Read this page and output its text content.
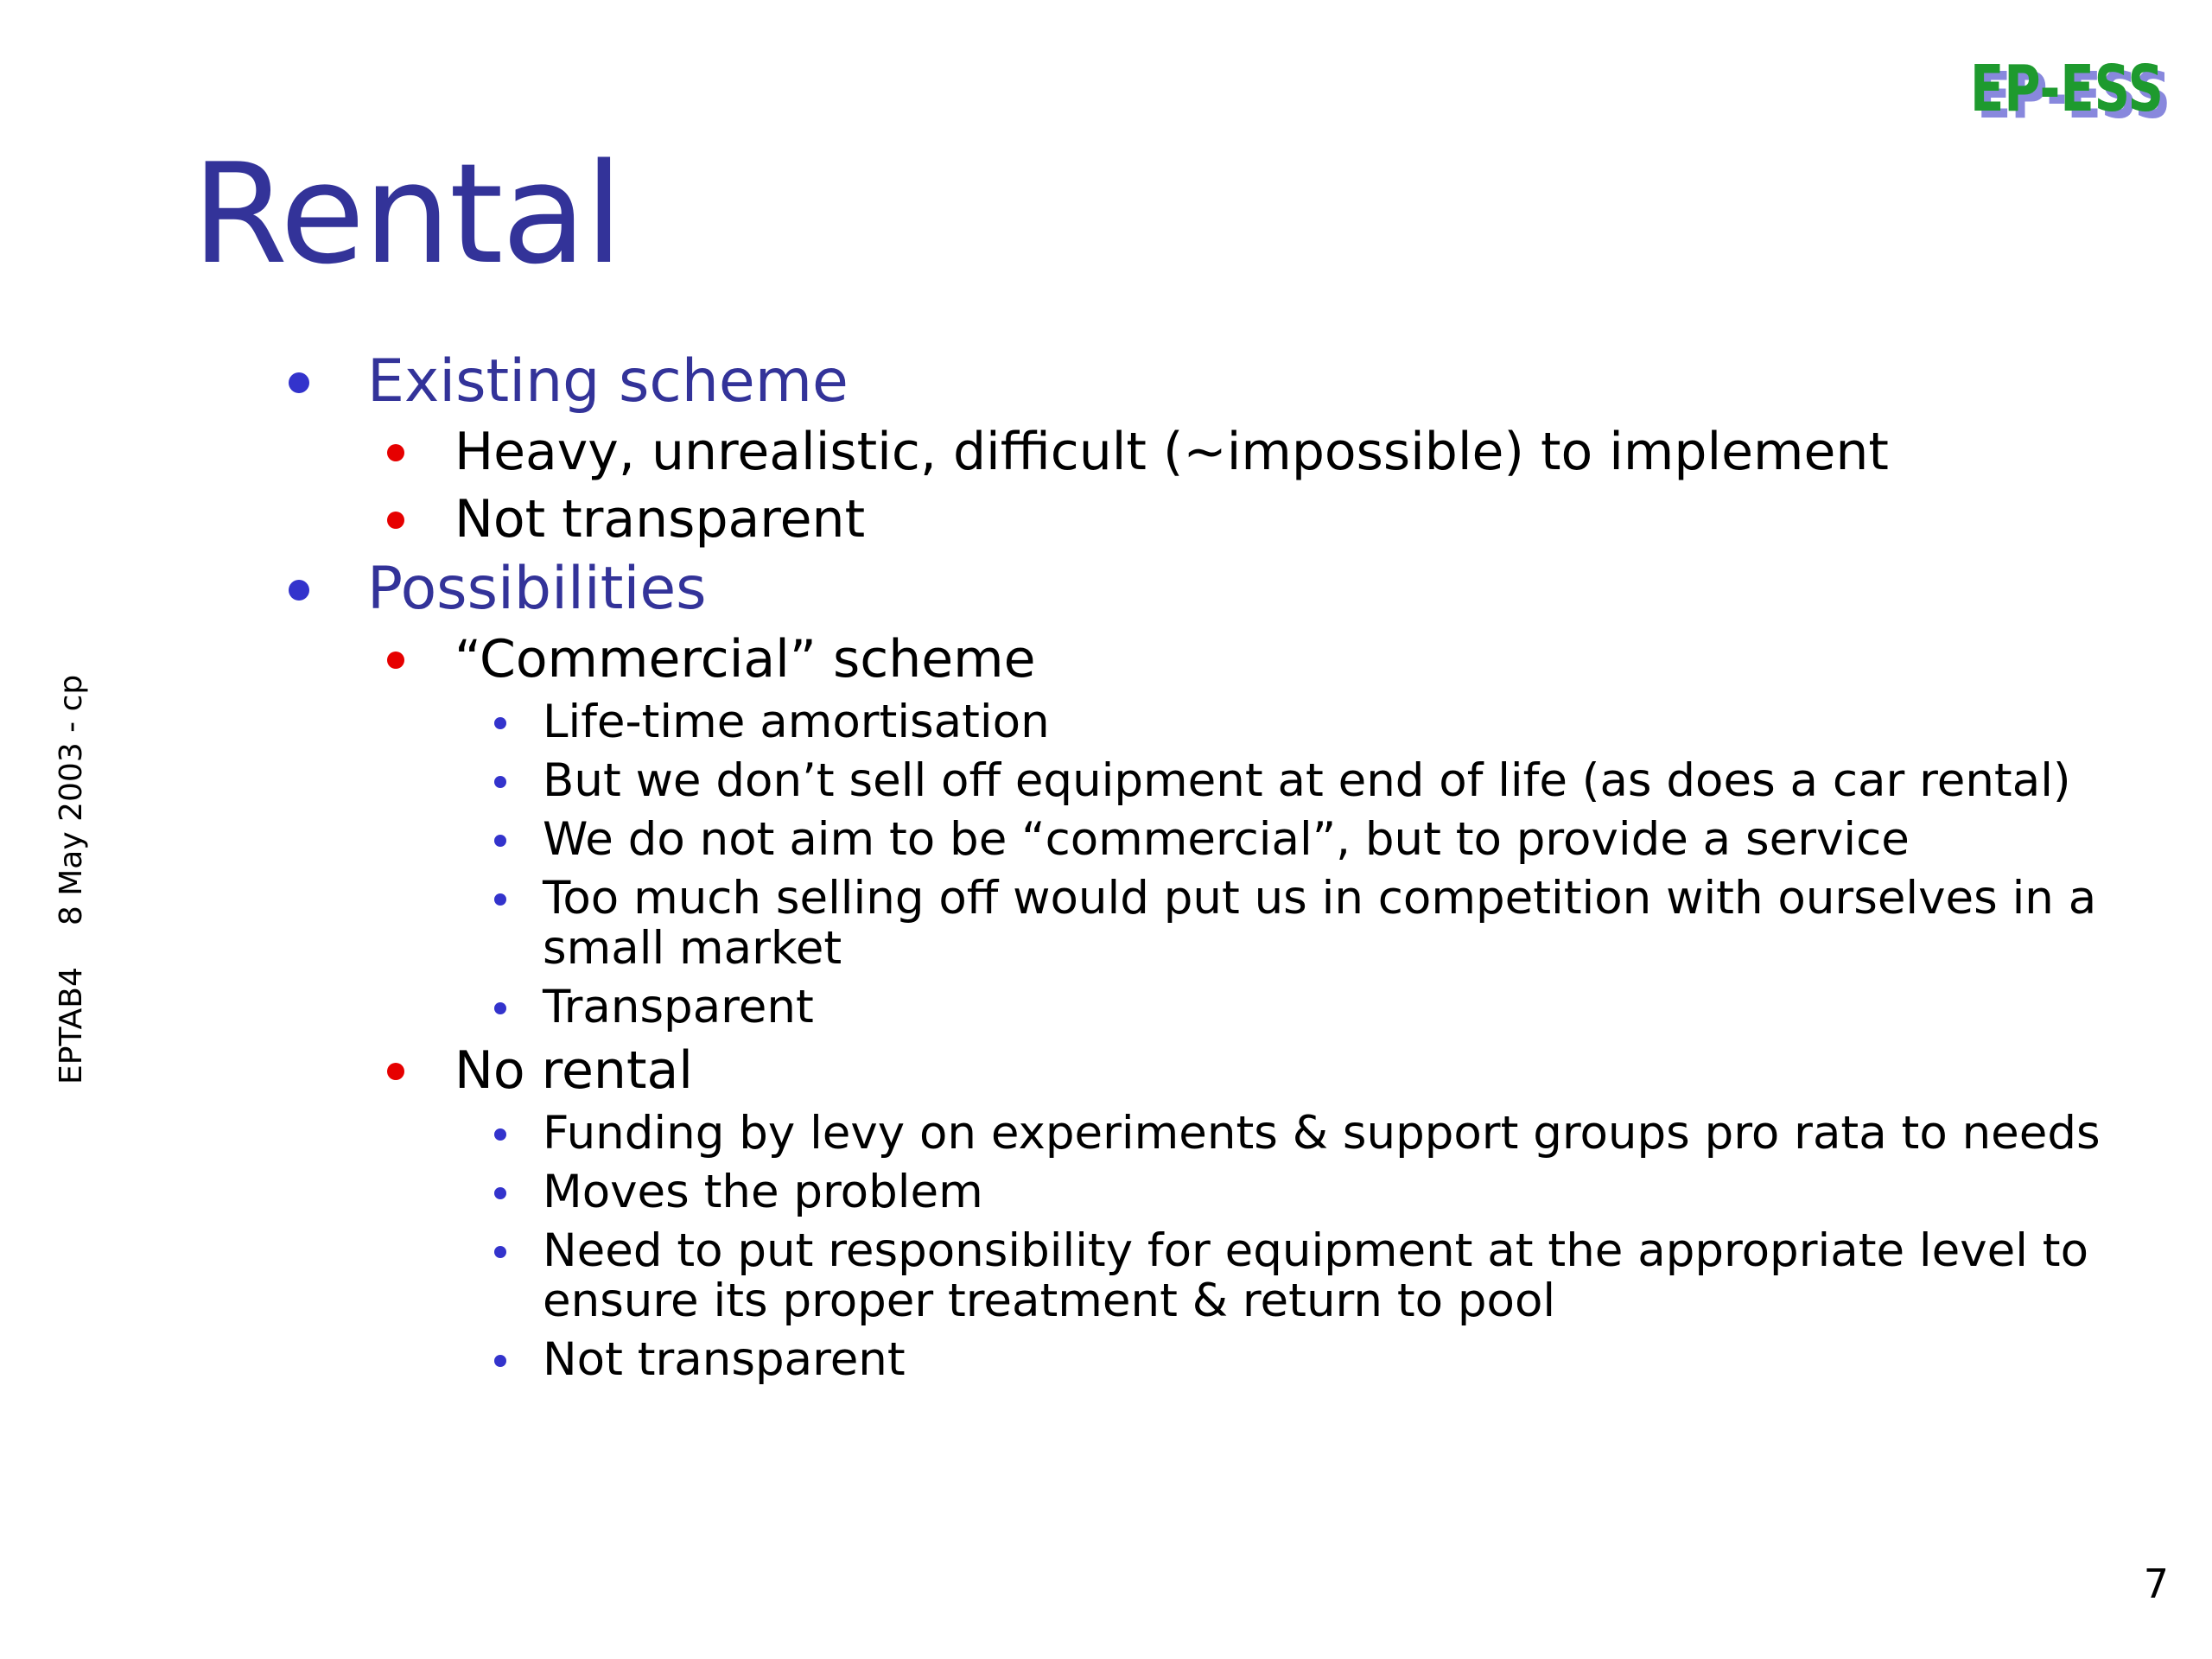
EP-ESS
EP-ESS
Rental
EPTAB48 May 2003 - cp
Existing scheme
Heavy, unrealistic, difficult (~impossible) to implement
Not transparent
Possibilities
“Commercial” scheme
Life-time amortisation
But we don’t sell off equipment at end of life (as does a car rental)
We do not aim to be “commercial”, but to provide a service
Too much selling off would put us in competition with ourselves in a small market
Transparent
No rental
Funding by levy on experiments & support groups pro rata to needs
Moves the problem
Need to put responsibility for equipment at the appropriate level to ensure its proper treatment & return to pool
Not transparent
7
